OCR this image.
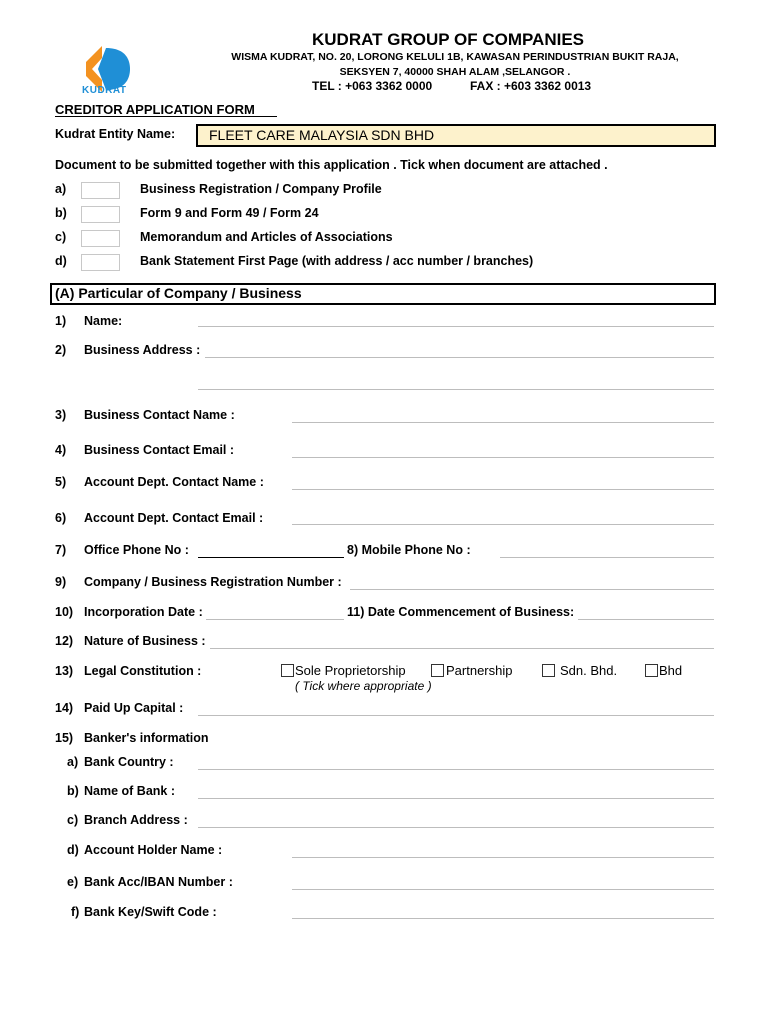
KUDRAT
KUDRAT GROUP OF COMPANIES
WISMA KUDRAT, NO. 20, LORONG KELULI 1B, KAWASAN PERINDUSTRIAN BUKIT RAJA,
SEKSYEN 7, 40000 SHAH ALAM ,SELANGOR .
TEL : +063 3362 0000	FAX : +603 3362 0013
CREDITOR APPLICATION FORM
Kudrat Entity Name: FLEET CARE MALAYSIA SDN BHD
Document to be submitted together with this application . Tick when document are attached .
a)	Business Registration / Company Profile
b)	Form 9 and Form 49 / Form 24
c)	Memorandum and Articles of Associations
d)	Bank Statement First Page (with address / acc number / branches)
(A) Particular of Company / Business
1) Name:
2) Business Address :
3) Business Contact Name :
4) Business Contact Email :
5) Account Dept. Contact Name :
6) Account Dept. Contact Email :
7) Office Phone No :	8) Mobile Phone No :
9) Company / Business Registration Number :
10) Incorporation Date :	11) Date Commencement of Business:
12) Nature of Business :
13) Legal Constitution :	Sole Proprietorship	Partnership	Sdn. Bhd.	Bhd
( Tick where appropriate )
14) Paid Up Capital :
15) Banker's information
a) Bank Country :
b) Name of Bank :
c) Branch Address :
d) Account Holder Name :
e) Bank Acc/IBAN Number :
f) Bank Key/Swift Code :
